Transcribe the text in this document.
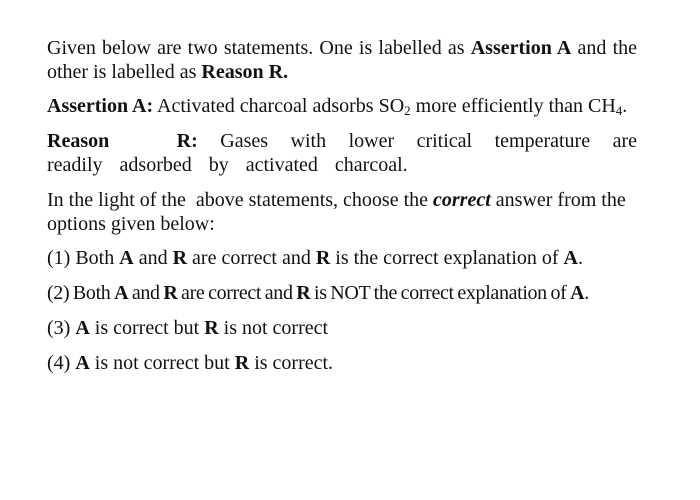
Given below are two statements. One is labelled as Assertion A and the other is labelled as Reason R.

Assertion A: Activated charcoal adsorbs $SO_2$ more efficiently than $CH_4$.

Reason   R: Gases with lower critical temperature are readily adsorbed by activated charcoal.

In the light of the  above statements, choose the correct answer from the options given below:

(1) Both A and R are correct and R is the correct explanation of A.

(2) Both A and R are correct and R is NOT the correct explanation of A.

(3) A is correct but R is not correct

(4) A is not correct but R is correct.
